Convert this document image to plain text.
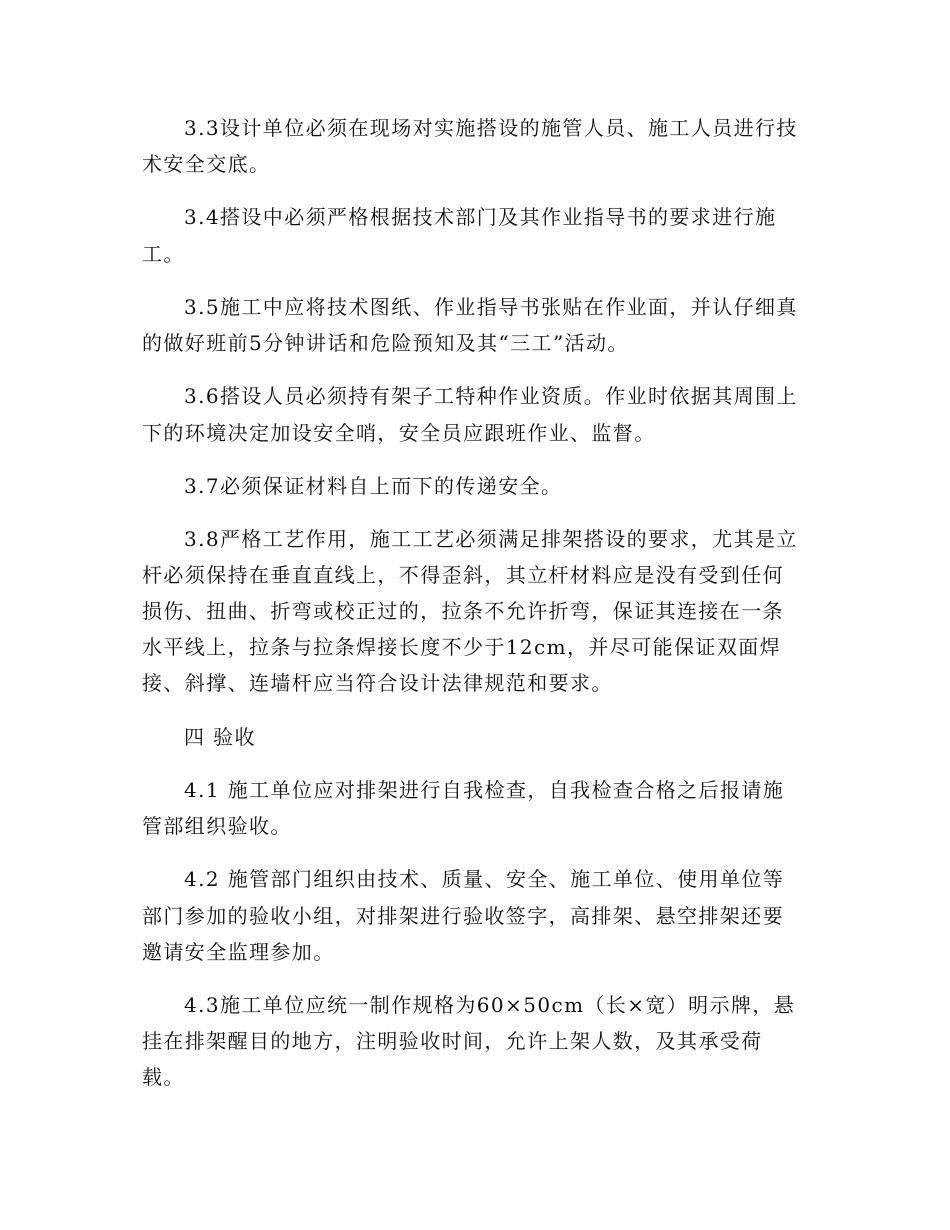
3.3设计单位必须在现场对实施搭设的施管人员、施工人员进行技
术安全交底。
3.4搭设中必须严格根据技术部门及其作业指导书的要求进行施
工。
3.5施工中应将技术图纸、作业指导书张贴在作业面，并认仔细真
的做好班前5分钟讲话和危险预知及其“三工”活动。
3.6搭设人员必须持有架子工特种作业资质。作业时依据其周围上
下的环境决定加设安全哨，安全员应跟班作业、监督。
3.7必须保证材料自上而下的传递安全。
3.8严格工艺作用，施工工艺必须满足排架搭设的要求，尤其是立
杆必须保持在垂直直线上，不得歪斜，其立杆材料应是没有受到任何
损伤、扭曲、折弯或校正过的，拉条不允许折弯，保证其连接在一条
水平线上，拉条与拉条焊接长度不少于12cm，并尽可能保证双面焊
接、斜撑、连墙杆应当符合设计法律规范和要求。
四 验收
4.1 施工单位应对排架进行自我检查，自我检查合格之后报请施
管部组织验收。
4.2 施管部门组织由技术、质量、安全、施工单位、使用单位等
部门参加的验收小组，对排架进行验收签字，高排架、悬空排架还要
邀请安全监理参加。
4.3施工单位应统一制作规格为60×50cm（长×宽）明示牌，悬
挂在排架醒目的地方，注明验收时间，允许上架人数，及其承受荷
载。
